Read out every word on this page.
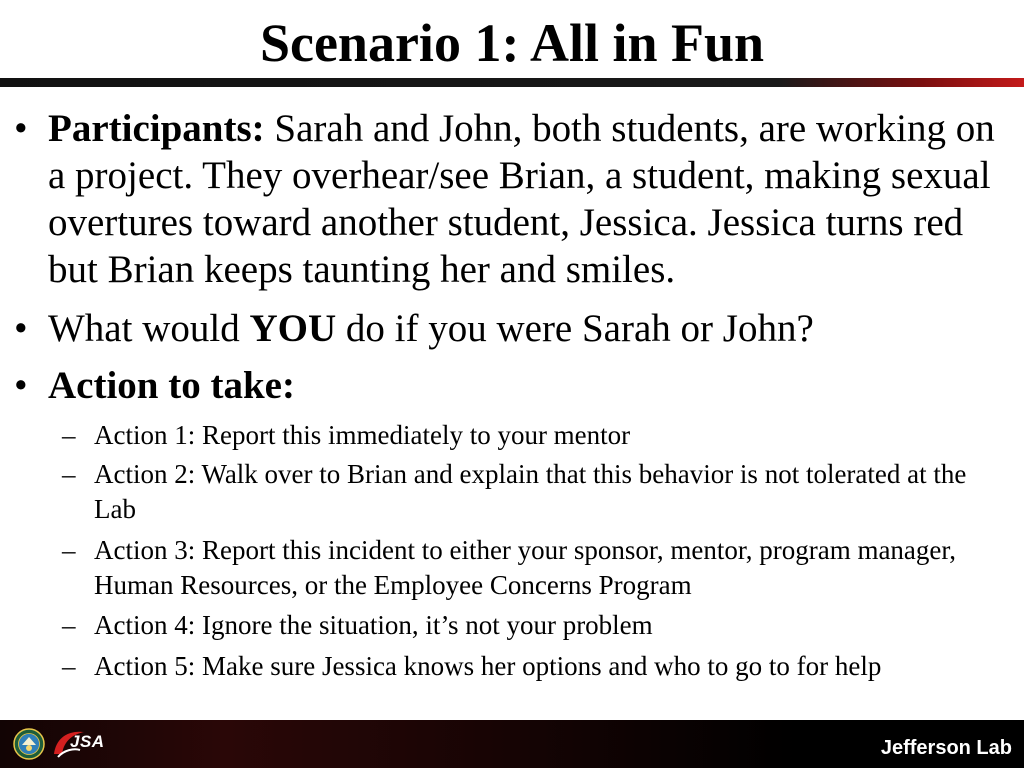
Scenario 1: All in Fun
• Participants: Sarah and John, both students, are working on
a project. They overhear/see Brian, a student, making sexual
overtures toward another student, Jessica. Jessica turns red
but Brian keeps taunting her and smiles.
• What would YOU do if you were Sarah or John?
• Action to take:
– Action 1: Report this immediately to your mentor
– Action 2: Walk over to Brian and explain that this behavior is not tolerated at the
Lab
– Action 3: Report this incident to either your sponsor, mentor, program manager,
Human Resources, or the Employee Concerns Program
– Action 4: Ignore the situation, it’s not your problem
– Action 5: Make sure Jessica knows her options and who to go to for help
JSA	Jefferson Lab
